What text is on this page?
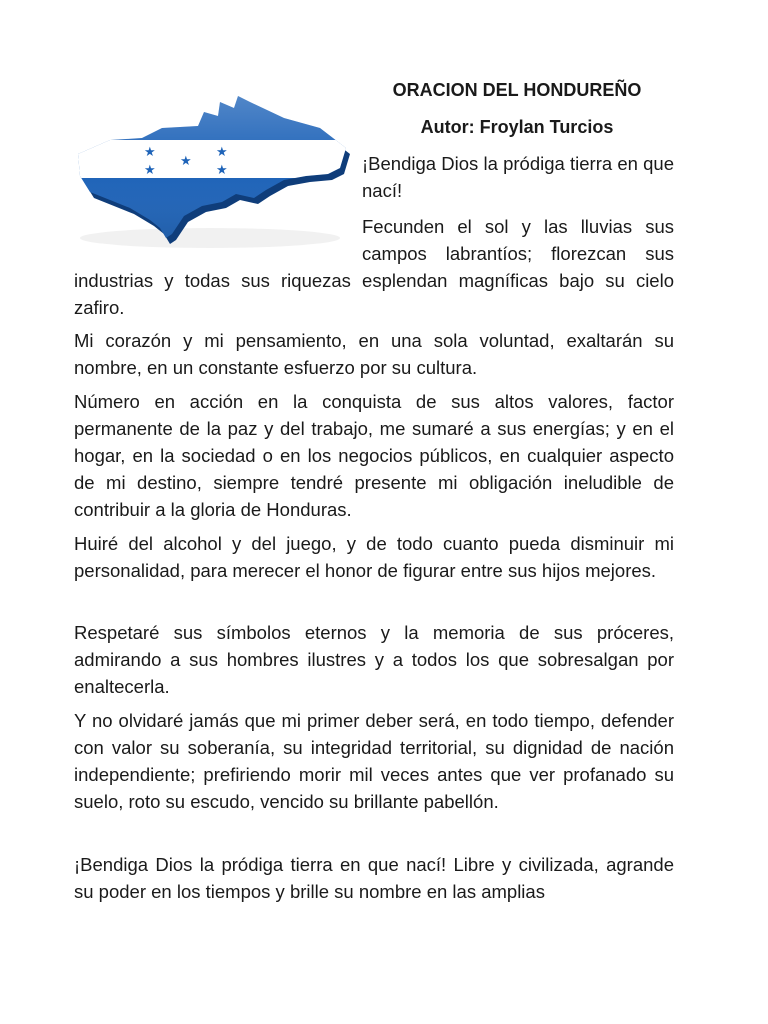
★	★
★
★	★
ORACION DEL HONDUREÑO
Autor: Froylan Turcios

¡Bendiga Dios la pródiga tierra en que nací!

Fecunden el sol y las lluvias sus campos labrantíos; florezcan sus

industrias y todas sus riquezas esplendan magníficas bajo su cielo zafiro.

Mi corazón y mi pensamiento, en una sola voluntad, exaltarán su nombre, en un constante esfuerzo por su cultura.

Número en acción en la conquista de sus altos valores, factor permanente de la paz y del trabajo, me sumaré a sus energías; y en el hogar, en la sociedad o en los negocios públicos, en cualquier aspecto de mi destino, siempre tendré presente mi obligación ineludible de contribuir a la gloria de Honduras.

Huiré del alcohol y del juego, y de todo cuanto pueda disminuir mi personalidad, para merecer el honor de figurar entre sus hijos mejores.

Respetaré sus símbolos eternos y la memoria de sus próceres, admirando a sus hombres ilustres y a todos los que sobresalgan por enaltecerla.

Y no olvidaré jamás que mi primer deber será, en todo tiempo, defender con valor su soberanía, su integridad territorial, su dignidad de nación independiente; prefiriendo morir mil veces antes que ver profanado su suelo, roto su escudo, vencido su brillante pabellón.

¡Bendiga Dios la pródiga tierra en que nací! Libre y civilizada, agrande su poder en los tiempos y brille su nombre en las amplias
